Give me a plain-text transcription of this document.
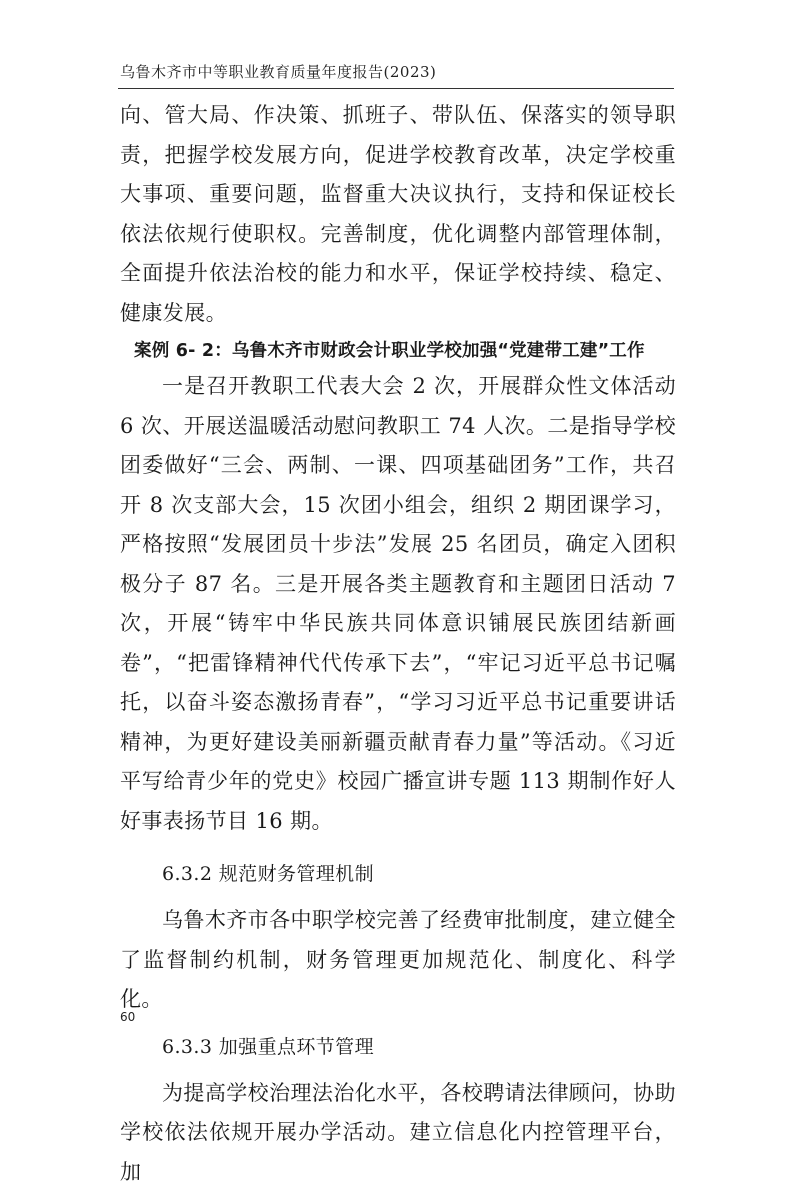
乌鲁木齐市中等职业教育质量年度报告(2023)

向、管大局、作决策、抓班子、带队伍、保落实的领导职责，把握学校发展方向，促进学校教育改革，决定学校重大事项、重要问题，监督重大决议执行，支持和保证校长依法依规行使职权。完善制度，优化调整内部管理体制，全面提升依法治校的能力和水平，保证学校持续、稳定、健康发展。

案例 6- 2：乌鲁木齐市财政会计职业学校加强“党建带工建”工作

一是召开教职工代表大会 2 次，开展群众性文体活动 6 次、开展送温暖活动慰问教职工 74 人次。二是指导学校团委做好“三会、两制、一课、四项基础团务”工作，共召开 8 次支部大会，15 次团小组会，组织 2 期团课学习，严格按照“发展团员十步法”发展 25 名团员，确定入团积极分子 87 名。三是开展各类主题教育和主题团日活动 7 次，开展“铸牢中华民族共同体意识铺展民族团结新画卷”，“把雷锋精神代代传承下去”，“牢记习近平总书记嘱托，以奋斗姿态激扬青春”，“学习习近平总书记重要讲话精神，为更好建设美丽新疆贡献青春力量”等活动。《习近平写给青少年的党史》校园广播宣讲专题 113 期制作好人好事表扬节目 16 期。

6.3.2 规范财务管理机制

乌鲁木齐市各中职学校完善了经费审批制度，建立健全了监督制约机制，财务管理更加规范化、制度化、科学化。

6.3.3 加强重点环节管理

为提高学校治理法治化水平，各校聘请法律顾问，协助学校依法依规开展办学活动。建立信息化内控管理平台，加

60
